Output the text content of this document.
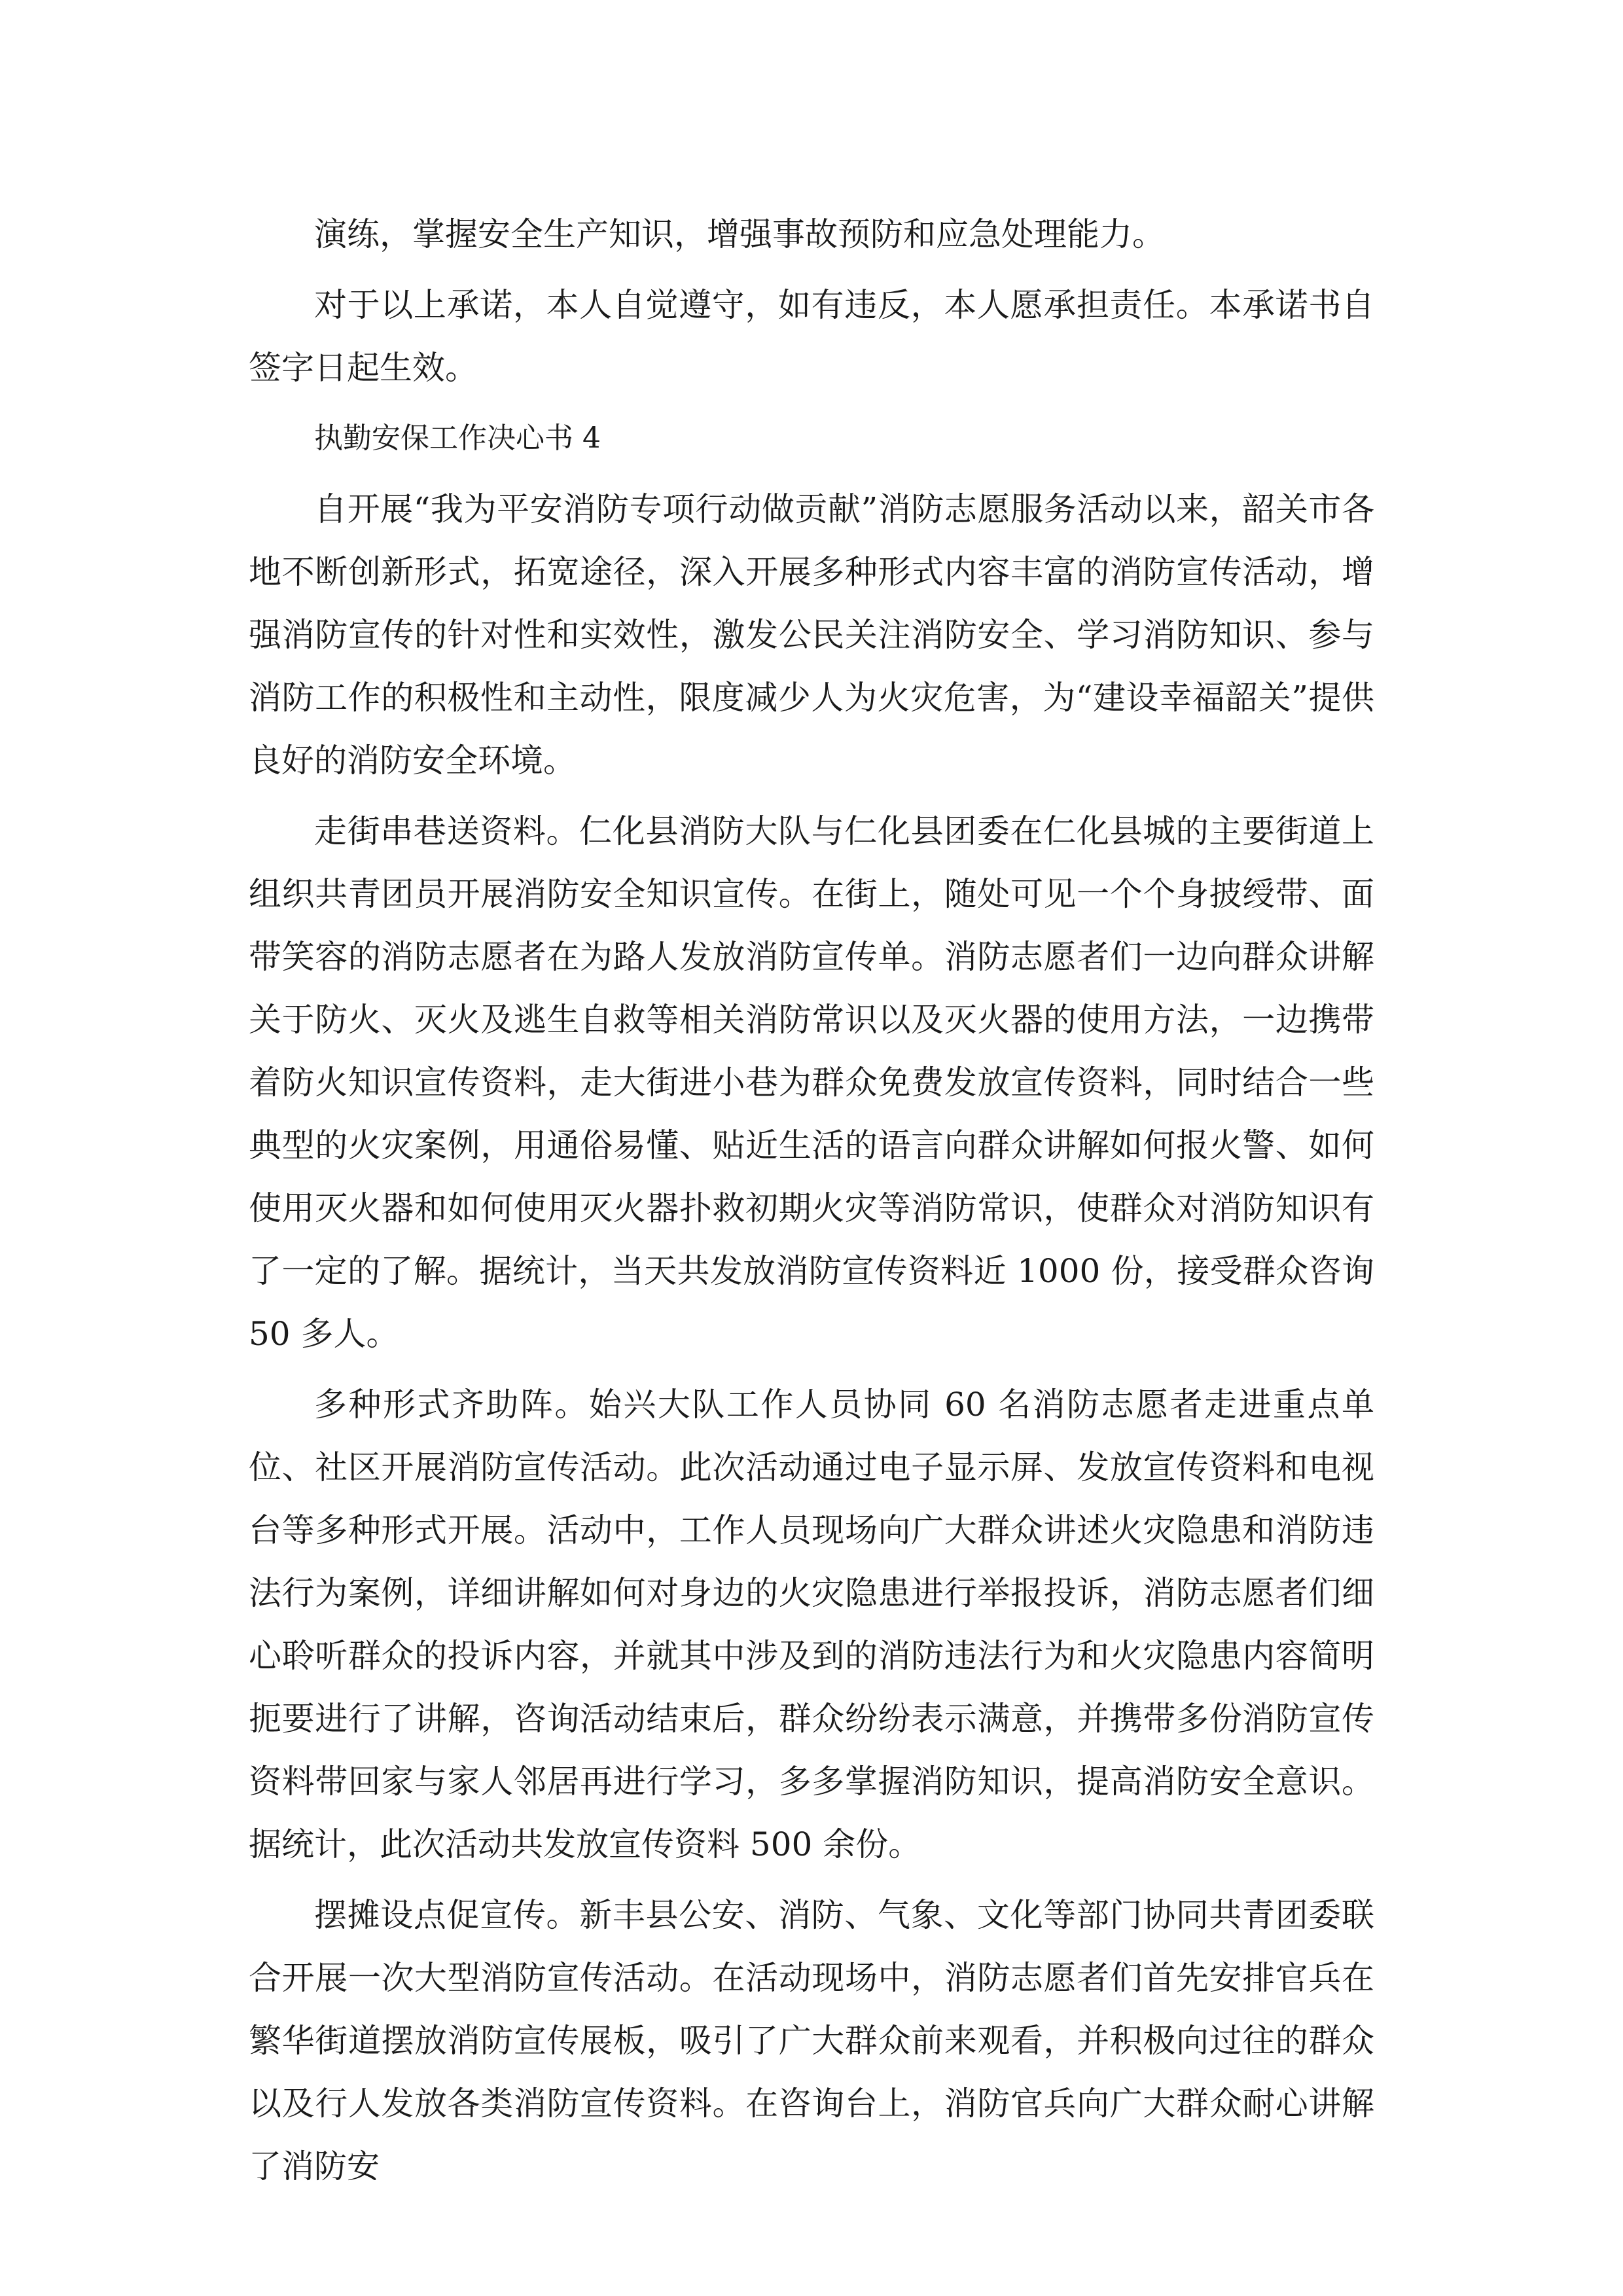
演练，掌握安全生产知识，增强事故预防和应急处理能力。

对于以上承诺，本人自觉遵守，如有违反，本人愿承担责任。本承诺书自签字日起生效。

执勤安保工作决心书 4

自开展“我为平安消防专项行动做贡献”消防志愿服务活动以来，韶关市各地不断创新形式，拓宽途径，深入开展多种形式内容丰富的消防宣传活动，增强消防宣传的针对性和实效性，激发公民关注消防安全、学习消防知识、参与消防工作的积极性和主动性，限度减少人为火灾危害，为“建设幸福韶关”提供良好的消防安全环境。

走街串巷送资料。仁化县消防大队与仁化县团委在仁化县城的主要街道上组织共青团员开展消防安全知识宣传。在街上，随处可见一个个身披绶带、面带笑容的消防志愿者在为路人发放消防宣传单。消防志愿者们一边向群众讲解关于防火、灭火及逃生自救等相关消防常识以及灭火器的使用方法，一边携带着防火知识宣传资料，走大街进小巷为群众免费发放宣传资料，同时结合一些典型的火灾案例，用通俗易懂、贴近生活的语言向群众讲解如何报火警、如何使用灭火器和如何使用灭火器扑救初期火灾等消防常识，使群众对消防知识有了一定的了解。据统计，当天共发放消防宣传资料近 1000 份，接受群众咨询 50 多人。

多种形式齐助阵。始兴大队工作人员协同 60 名消防志愿者走进重点单位、社区开展消防宣传活动。此次活动通过电子显示屏、发放宣传资料和电视台等多种形式开展。活动中，工作人员现场向广大群众讲述火灾隐患和消防违法行为案例，详细讲解如何对身边的火灾隐患进行举报投诉，消防志愿者们细心聆听群众的投诉内容，并就其中涉及到的消防违法行为和火灾隐患内容简明扼要进行了讲解，咨询活动结束后，群众纷纷表示满意，并携带多份消防宣传资料带回家与家人邻居再进行学习，多多掌握消防知识，提高消防安全意识。据统计，此次活动共发放宣传资料 500 余份。

摆摊设点促宣传。新丰县公安、消防、气象、文化等部门协同共青团委联合开展一次大型消防宣传活动。在活动现场中，消防志愿者们首先安排官兵在繁华街道摆放消防宣传展板，吸引了广大群众前来观看，并积极向过往的群众以及行人发放各类消防宣传资料。在咨询台上，消防官兵向广大群众耐心讲解了消防安
